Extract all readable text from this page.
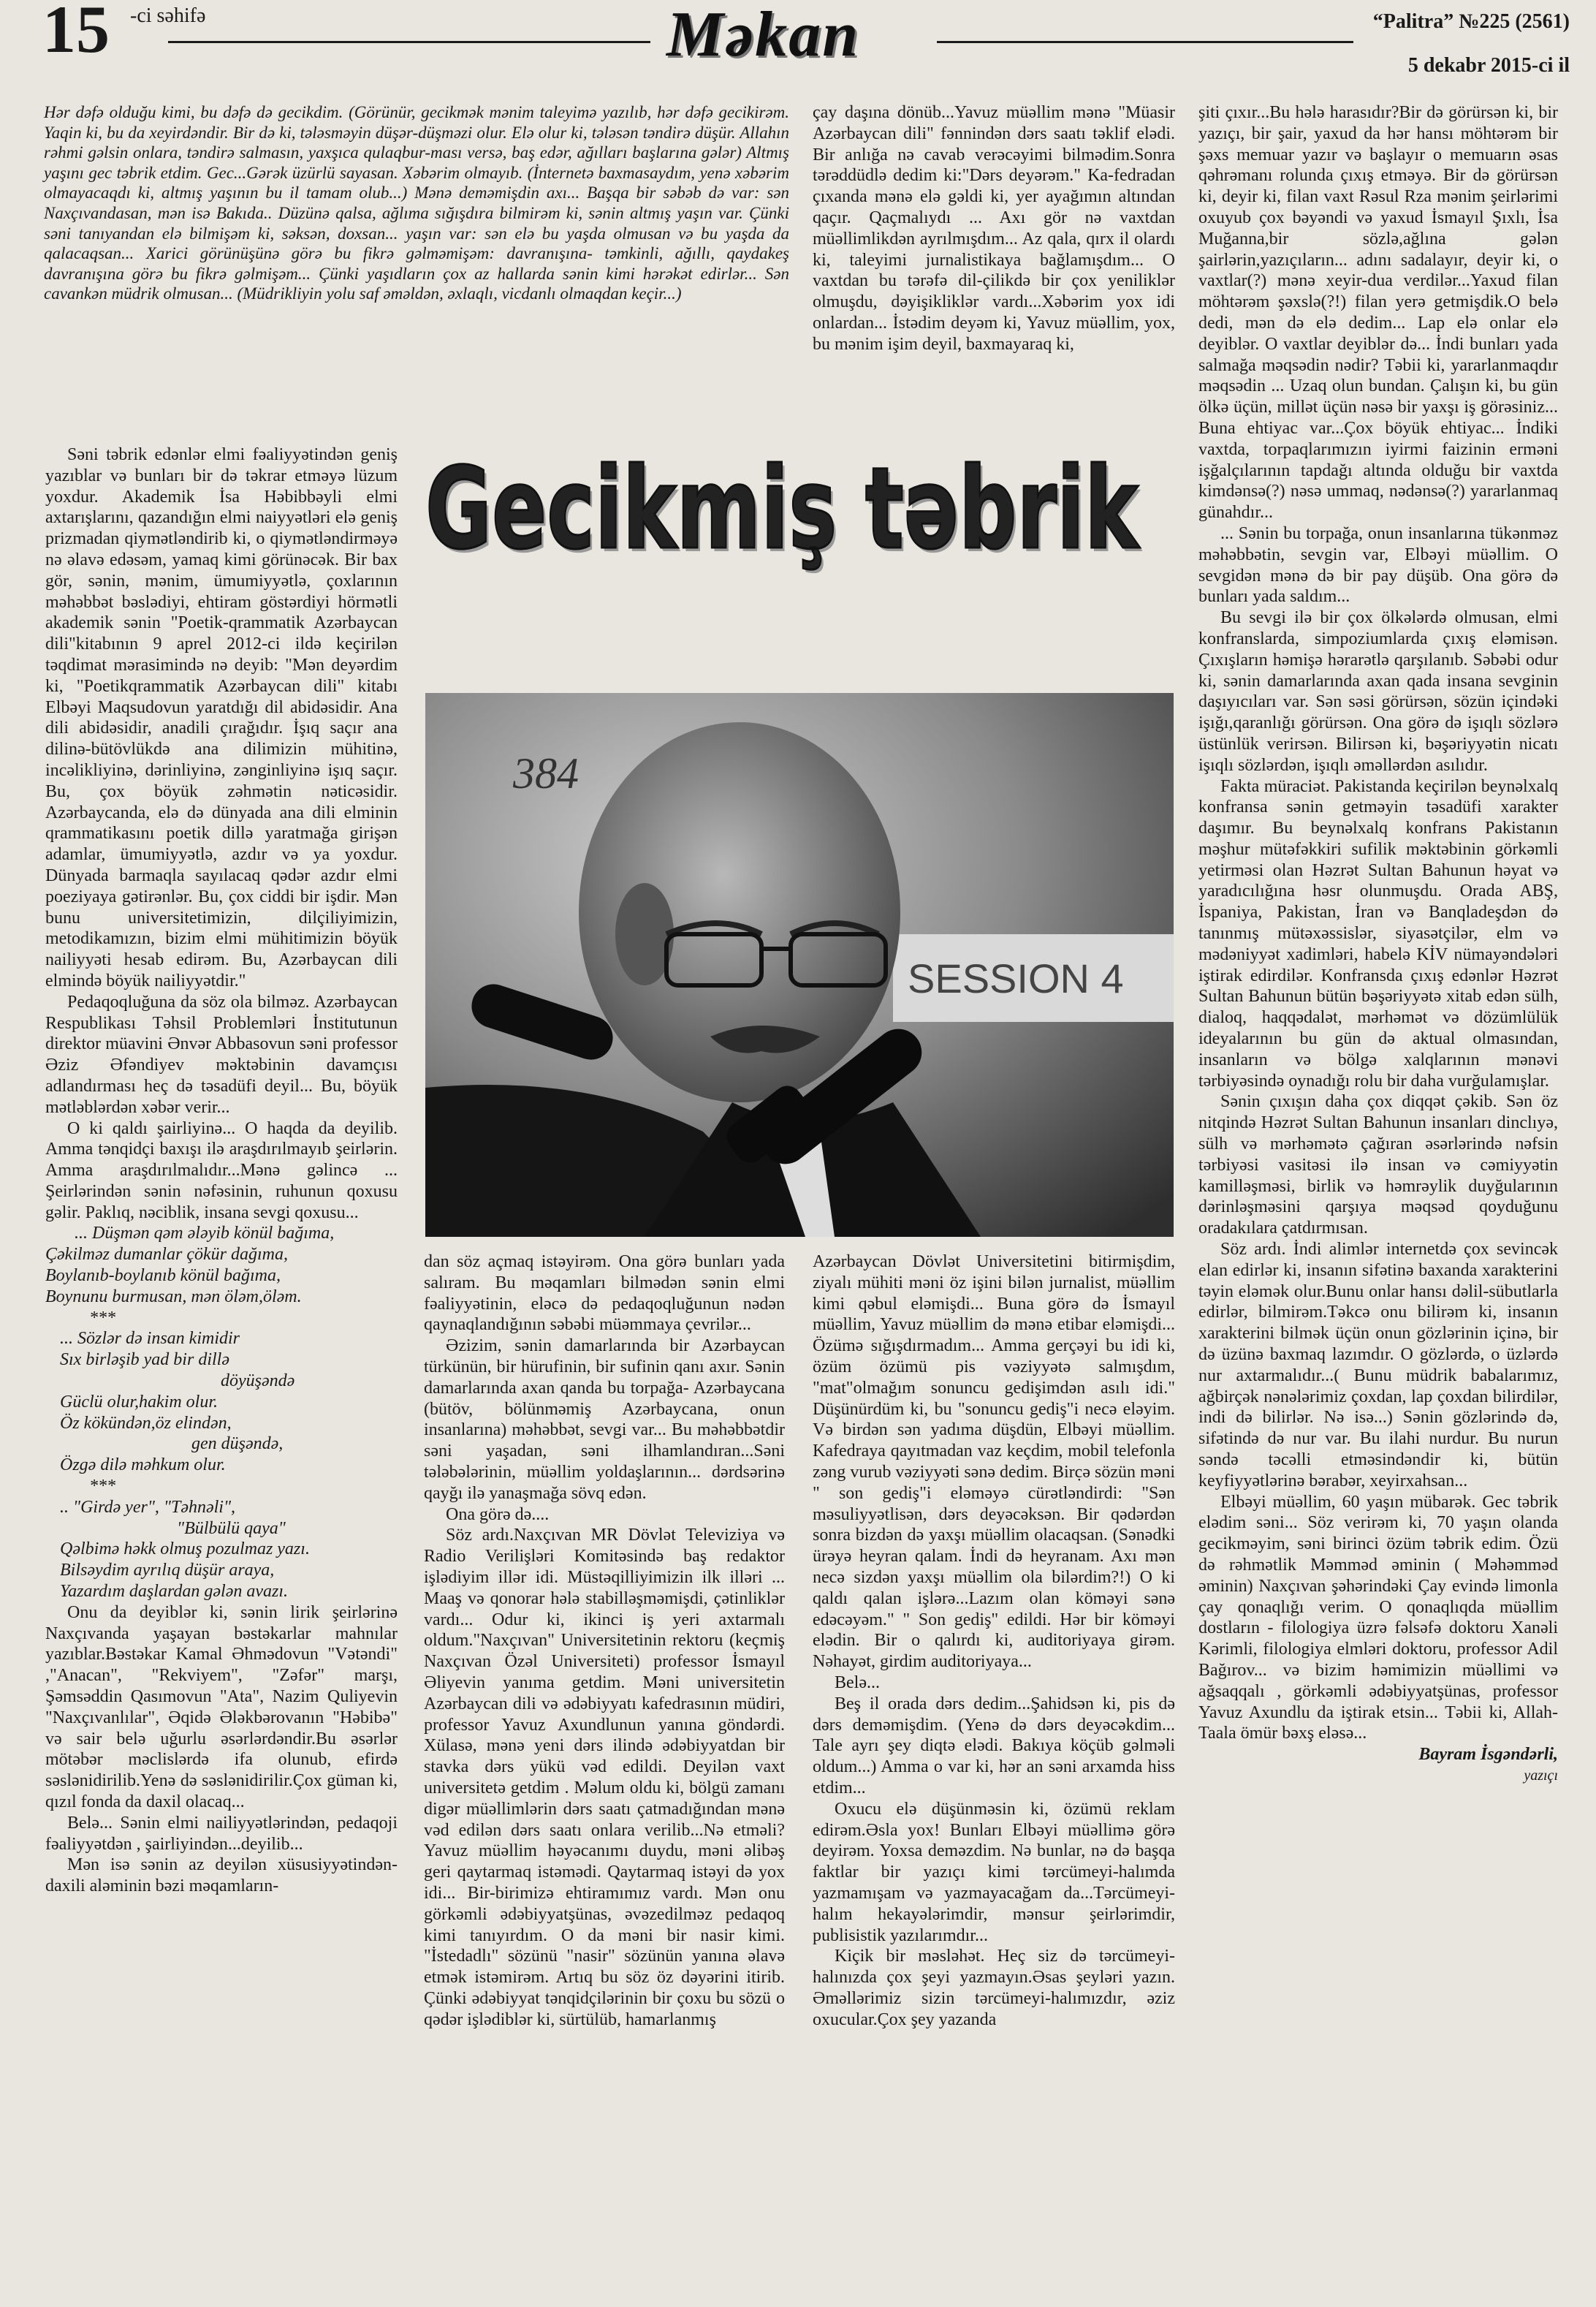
15 -ci səhifə	Məkan	“Palitra” №225 (2561)
5 dekabr 2015-ci il

Hər dəfə olduğu kimi, bu dəfə də gecikdim. (Görünür, gecikmək mənim taleyimə yazılıb, hər dəfə gecikirəm. Yaqin ki, bu da xeyirdəndir. Bir də ki, tələsməyin düşər-düşməzi olur. Elə olur ki, tələsən təndirə düşür. Allahın rəhmi gəlsin onlara, təndirə salmasın, yaxşıca qulaqbur-ması versə, baş edər, ağılları başlarına gələr) Altmış yaşını gec təbrik etdim. Gec...Gərək üzürlü sayasan. Xəbərim olmayıb. (İnternetə baxmasaydım, yenə xəbərim olmayacaqdı ki, altmış yaşının bu il tamam olub...) Mənə deməmişdin axı... Başqa bir səbəb də var: sən Naxçıvandasan, mən isə Bakıda.. Düzünə qalsa, ağlıma sığışdıra bilmirəm ki, sənin altmış yaşın var. Çünki səni tanıyandan elə bilmişəm ki, səksən, doxsan... yaşın var: sən elə bu yaşda olmusan və bu yaşda da qalacaqsan... Xarici görünüşünə görə bu fikrə gəlməmişəm: davranışına- təmkinli, ağıllı, qaydakeş davranışına görə bu fikrə gəlmişəm... Çünki yaşıdların çox az hallarda sənin kimi hərəkət edirlər... Sən cavankən müdrik olmusan... (Müdrikliyin yolu saf əməldən, əxlaqlı, vicdanlı olmaqdan keçir...)

Gecikmiş təbrik
SESSION 4
384

Səni təbrik edənlər elmi fəaliyyətindən geniş yazıblar və bunları bir də təkrar etməyə lüzum yoxdur. Akademik İsa Həbibbəyli elmi axtarışlarını, qazandığın elmi naiyyətləri elə geniş prizmadan qiymətləndirib ki, o qiymətləndirməyə nə əlavə edəsəm, yamaq kimi görünəcək. Bir bax gör, sənin, mənim, ümumiyyətlə, çoxlarının məhəbbət bəslədiyi, ehtiram göstərdiyi hörmətli akademik sənin "Poetik-qrammatik Azərbaycan dili"kitabının 9 aprel 2012-ci ildə keçirilən təqdimat mərasimində nə deyib: "Mən deyərdim ki, "Poetikqrammatik Azərbaycan dili" kitabı Elbəyi Maqsudovun yaratdığı dil abidəsidir. Ana dili abidəsidir, anadili çırağıdır. İşıq saçır ana dilinə-bütövlükdə ana dilimizin mühitinə, incəlikliyinə, dərinliyinə, zənginliyinə işıq saçır. Bu, çox böyük zəhmətin nəticəsidir. Azərbaycanda, elə də dünyada ana dili elminin qrammatikasını poetik dillə yaratmağa girişən adamlar, ümumiyyətlə, azdır və ya yoxdur. Dünyada barmaqla sayılacaq qədər azdır elmi poeziyaya gətirənlər. Bu, çox ciddi bir işdir. Mən bunu universitetimizin, dilçiliyimizin, metodikamızın, bizim elmi mühitimizin böyük nailiyyəti hesab edirəm. Bu, Azərbaycan dili elmində böyük nailiyyətdir."

Pedaqoqluğuna da söz ola bilməz. Azərbaycan Respublikası Təhsil Problemləri İnstitutunun direktor müavini Ənvər Abbasovun səni professor Əziz Əfəndiyev məktəbinin davamçısı adlandırması heç də təsadüfi deyil... Bu, böyük mətləblərdən xəbər verir...

O ki qaldı şairliyinə... O haqda da deyilib. Amma tənqidçi baxışı ilə araşdırılmayıb şeirlərin. Amma araşdırılmalıdır...Mənə gəlincə ... Şeirlərindən sənin nəfəsinin, ruhunun qoxusu gəlir. Paklıq, nəciblik, insana sevgi qoxusu...

... Düşmən qəm ələyib könül bağıma,

Çəkilməz dumanlar çökür dağıma,

Boylanıb-boylanıb könül bağıma,

Boynunu burmusan, mən öləm,öləm.

***

... Sözlər də insan kimidir

Sıx birləşib yad bir dillə

döyüşəndə

Güclü olur,hakim olur.

Öz kökündən,öz elindən,

gen düşəndə,

Özgə dilə məhkum olur.

***

.. "Girdə yer", "Təhnəli",

"Bülbülü qaya"

Qəlbimə həkk olmuş pozulmaz yazı.

Bilsəydim ayrılıq düşür araya,

Yazardım daşlardan gələn avazı.

Onu da deyiblər ki, sənin lirik şeirlərinə Naxçıvanda yaşayan bəstəkarlar mahnılar yazıblar.Bəstəkar Kamal Əhmədovun "Vətəndi" ,"Anacan", "Rekviyem", "Zəfər" marşı, Şəmsəddin Qasımovun "Ata", Nazim Quliyevin "Naxçıvanlılar", Əqidə Ələkbərovanın "Həbibə" və sair belə uğurlu əsərlərdəndir.Bu əsərlər mötəbər məclislərdə ifa olunub, efirdə səslənidirilib.Yenə də səslənidirilir.Çox güman ki, qızıl fonda da daxil olacaq...

Belə... Sənin elmi nailiyyətlərindən, pedaqoji fəaliyyətdən , şairliyindən...deyilib...

Mən isə sənin az deyilən xüsusiyyətindən- daxili aləminin bəzi məqamların-

dan söz açmaq istəyirəm. Ona görə bunları yada salıram. Bu məqamları bilmədən sənin elmi fəaliyyətinin, eləcə də pedaqoqluğunun nədən qaynaqlandığının səbəbi müəmmaya çevrilər...

Əzizim, sənin damarlarında bir Azərbaycan türkünün, bir hürufinin, bir sufinin qanı axır. Sənin damarlarında axan qanda bu torpağa- Azərbaycana (bütöv, bölünməmiş Azərbaycana, onun insanlarına) məhəbbət, sevgi var... Bu məhəbbətdir səni yaşadan, səni ilhamlandıran...Səni tələbələrinin, müəllim yoldaşlarının... dərdsərinə qayğı ilə yanaşmağa sövq edən.

Ona görə də....

Söz ardı.Naxçıvan MR Dövlət Televiziya və Radio Verilişləri Komitəsində baş redaktor işlədiyim illər idi. Müstəqilliyimizin ilk illəri ... Maaş və qonorar hələ stabilləşməmişdi, çətinliklər vardı... Odur ki, ikinci iş yeri axtarmalı oldum."Naxçıvan" Universitetinin rektoru (keçmiş Naxçıvan Özəl Universiteti) professor İsmayıl Əliyevin yanıma getdim. Məni universitetin Azərbaycan dili və ədəbiyyatı kafedrasının müdiri, professor Yavuz Axundlunun yanına göndərdi. Xülasə, mənə yeni dərs ilində ədəbiyyatdan bir stavka dərs yükü vəd edildi. Deyilən vaxt universitetə getdim . Məlum oldu ki, bölgü zamanı digər müəllimlərin dərs saatı çatmadığından mənə vəd edilən dərs saatı onlara verilib...Nə etməli? Yavuz müəllim həyəcanımı duydu, məni əlibəş geri qaytarmaq istəmədi. Qaytarmaq istəyi də yox idi... Bir-birimizə ehtiramımız vardı. Mən onu görkəmli ədəbiyyatşünas, əvəzedilməz pedaqoq kimi tanıyırdım. O da məni bir nasir kimi. "İstedadlı" sözünü "nasir" sözünün yanına əlavə etmək istəmirəm. Artıq bu söz öz dəyərini itirib. Çünki ədəbiyyat tənqidçilərinin bir çoxu bu sözü o qədər işlədiblər ki, sürtülüb, hamarlanmış

çay daşına dönüb...Yavuz müəllim mənə "Müasir Azərbaycan dili" fənnindən dərs saatı təklif elədi. Bir anlığa nə cavab verəcəyimi bilmədim.Sonra tərəddüdlə dedim ki:"Dərs deyərəm." Ka-fedradan çıxanda mənə elə gəldi ki, yer ayağımın altından qaçır. Qaçmalıydı ... Axı gör nə vaxtdan müəllimlikdən ayrılmışdım... Az qala, qırx il olardı ki, taleyimi jurnalistikaya bağlamışdım... O vaxtdan bu tərəfə dil-çilikdə bir çox yeniliklər olmuşdu, dəyişikliklər vardı...Xəbərim yox idi onlardan... İstədim deyəm ki, Yavuz müəllim, yox, bu mənim işim deyil, baxmayaraq ki,

Azərbaycan Dövlət Universitetini bitirmişdim, ziyalı mühiti məni öz işini bilən jurnalist, müəllim kimi qəbul eləmişdi... Buna görə də İsmayıl müəllim, Yavuz müəllim də mənə etibar eləmişdi... Özümə sığışdırmadım... Amma gerçəyi bu idi ki, özüm özümü pis vəziyyətə salmışdım, "mat"olmağım sonuncu gedişimdən asılı idi." Düşünürdüm ki, bu "sonuncu gediş"i necə eləyim. Və birdən sən yadıma düşdün, Elbəyi müəllim. Kafedraya qayıtmadan vaz keçdim, mobil telefonla zəng vurub vəziyyəti sənə dedim. Birc̣ə sözün məni " son gediş"i eləməyə cürətləndirdi: "Sən məsuliyyətlisən, dərs deyəcəksən. Bir qədərdən sonra bizdən də yaxşı müəllim olacaqsan. (Sənədki ürəyə heyran qalam. İndi də heyranam. Axı mən necə sizdən yaxşı müəllim ola bilərdim?!) O ki qaldı qalan işlərə...Lazım olan köməyi sənə edəcəyəm." " Son gediş" edildi. Hər bir köməyi elədin. Bir o qalırdı ki, auditoriyaya girəm. Nəhayət, girdim auditoriyaya...

Belə...

Beş il orada dərs dedim...Şahidsən ki, pis də dərs deməmişdim. (Yenə də dərs deyəcəkdim... Tale ayrı şey diqtə elədi. Bakıya köçüb gəlməli oldum...) Amma o var ki, hər an səni arxamda hiss etdim...

Oxucu elə düşünməsin ki, özümü reklam edirəm.Əsla yox! Bunları Elbəyi müəllimə görə deyirəm. Yoxsa deməzdim. Nə bunlar, nə də başqa faktlar bir yazıçı kimi tərcümeyi-halımda yazmamışam və yazmayacağam da...Tərcümeyi-halım hekayələrimdir, mənsur şeirlərimdir, publisistik yazılarımdır...

Kiçik bir məsləhət. Heç siz də tərcümeyi- halınızda çox şeyi yazmayın.Əsas şeyləri yazın. Əməllərimiz sizin tərcümeyi-halımızdır, əziz oxucular.Çox şey yazanda

şiti çıxır...Bu hələ harasıdır?Bir də görürsən ki, bir yazıçı, bir şair, yaxud da hər hansı möhtərəm bir şəxs memuar yazır və başlayır o memuarın əsas qəhrəmanı rolunda çıxış etməyə. Bir də görürsən ki, deyir ki, filan vaxt Rəsul Rza mənim şeirlərimi oxuyub çox bəyəndi və yaxud İsmayıl Şıxlı, İsa Muğanna,bir sözlə,ağlına gələn şairlərin,yazıçıların... adını sadalayır, deyir ki, o vaxtlar(?) mənə xeyir-dua verdilər...Yaxud filan möhtərəm şəxslə(?!) filan yerə getmişdik.O belə dedi, mən də elə dedim... Lap elə onlar elə deyiblər. O vaxtlar deyiblər də... İndi bunları yada salmağa məqsədin nədir? Təbii ki, yararlanmaqdır məqsədin ... Uzaq olun bundan. Çalışın ki, bu gün ölkə üçün, millət üçün nəsə bir yaxşı iş görəsiniz... Buna ehtiyac var...Çox böyük ehtiyac... İndiki vaxtda, torpaqlarımızın iyirmi faizinin erməni işğalçılarının tapdağı altında olduğu bir vaxtda kimdənsə(?) nəsə ummaq, nədənsə(?) yararlanmaq günahdır...

... Sənin bu torpağa, onun insanlarına tükənməz məhəbbətin, sevgin var, Elbəyi müəllim. O sevgidən mənə də bir pay düşüb. Ona görə də bunları yada saldım...

Bu sevgi ilə bir çox ölkələrdə olmusan, elmi konfranslarda, simpoziumlarda çıxış eləmisən. Çıxışların həmişə hərarətlə qarşılanıb. Səbəbi odur ki, sənin damarlarında axan qada insana sevginin daşıyıcıları var. Sən səsi görürsən, sözün içindəki işığı,qaranlığı görürsən. Ona görə də işıqlı sözlərə üstünlük verirsən. Bilirsən ki, bəşəriyyətin nicatı işıqlı sözlərdən, işıqlı əməllərdən asılıdır.

Fakta müraciət. Pakistanda keçirilən beynəlxalq konfransa sənin getməyin təsadüfi xarakter daşımır. Bu beynəlxalq konfrans Pakistanın məşhur mütəfəkkiri sufilik məktəbinin görkəmli yetirməsi olan Həzrət Sultan Bahunun həyat və yaradıcılığına həsr olunmuşdu. Orada ABŞ, İspaniya, Pakistan, İran və Banqladeşdən də tanınmış mütəxəssislər, siyasətçilər, elm və mədəniyyət xadimləri, habelə KİV nümayəndələri iştirak edirdilər. Konfransda çıxış edənlər Həzrət Sultan Bahunun bütün bəşəriyyətə xitab edən sülh, dialoq, haqqədalət, mərhəmət və dözümlülük ideyalarının bu gün də aktual olmasından, insanların və bölgə xalqlarının mənəvi tərbiyəsində oynadığı rolu bir daha vurğulamışlar.

Sənin çıxışın daha çox diqqət çəkib. Sən öz nitqində Həzrət Sultan Bahunun insanları dinclıyə, sülh və mərhəmətə çağıran əsərlərində nəfsin tərbiyəsi vasitəsi ilə insan və cəmiyyətin kamilləşməsi, birlik və həmrəylik duyğularının dərinləşməsini qarşıya məqsəd qoyduğunu oradakılara çatdırmısan.

Söz ardı. İndi alimlər internetdə çox sevincək elan edirlər ki, insanın sifətinə baxanda xarakterini təyin eləmək olur.Bunu onlar hansı dəlil-sübutlarla edirlər, bilmirəm.Təkcə onu bilirəm ki, insanın xarakterini bilmək üçün onun gözlərinin içinə, bir də üzünə baxmaq lazımdır. O gözlərdə, o üzlərdə nur axtarmalıdır...( Bunu müdrik babalarımız, ağbirçək nənələrimiz çoxdan, lap çoxdan bilirdilər, indi də bilirlər. Nə isə...) Sənin gözlərində də, sifətində də nur var. Bu ilahi nurdur. Bu nurun səndə təcəlli etməsindəndir ki, bütün keyfiyyətlərinə bərabər, xeyirxahsan...

Elbəyi müəllim, 60 yaşın mübarək. Gec təbrik elədim səni... Söz verirəm ki, 70 yaşın olanda gecikməyim, səni birinci özüm təbrik edim. Özü də rəhmətlik Məmməd əminin ( Məhəmməd əminin) Naxçıvan şəhərindəki Çay evində limonla çay qonaqlığı verim. O qonaqlıqda müəllim dostların - filologiya üzrə fəlsəfə doktoru Xanəli Kərimli, filologiya elmləri doktoru, professor Adil Bağırov... və bizim həmimizin müəllimi və ağsaqqalı , görkəmli ədəbiyyatşünas, professor Yavuz Axundlu da iştirak etsin... Təbii ki, Allah-Taala ömür bəxş eləsə...

Bayram İsgəndərli,

yazıçı
